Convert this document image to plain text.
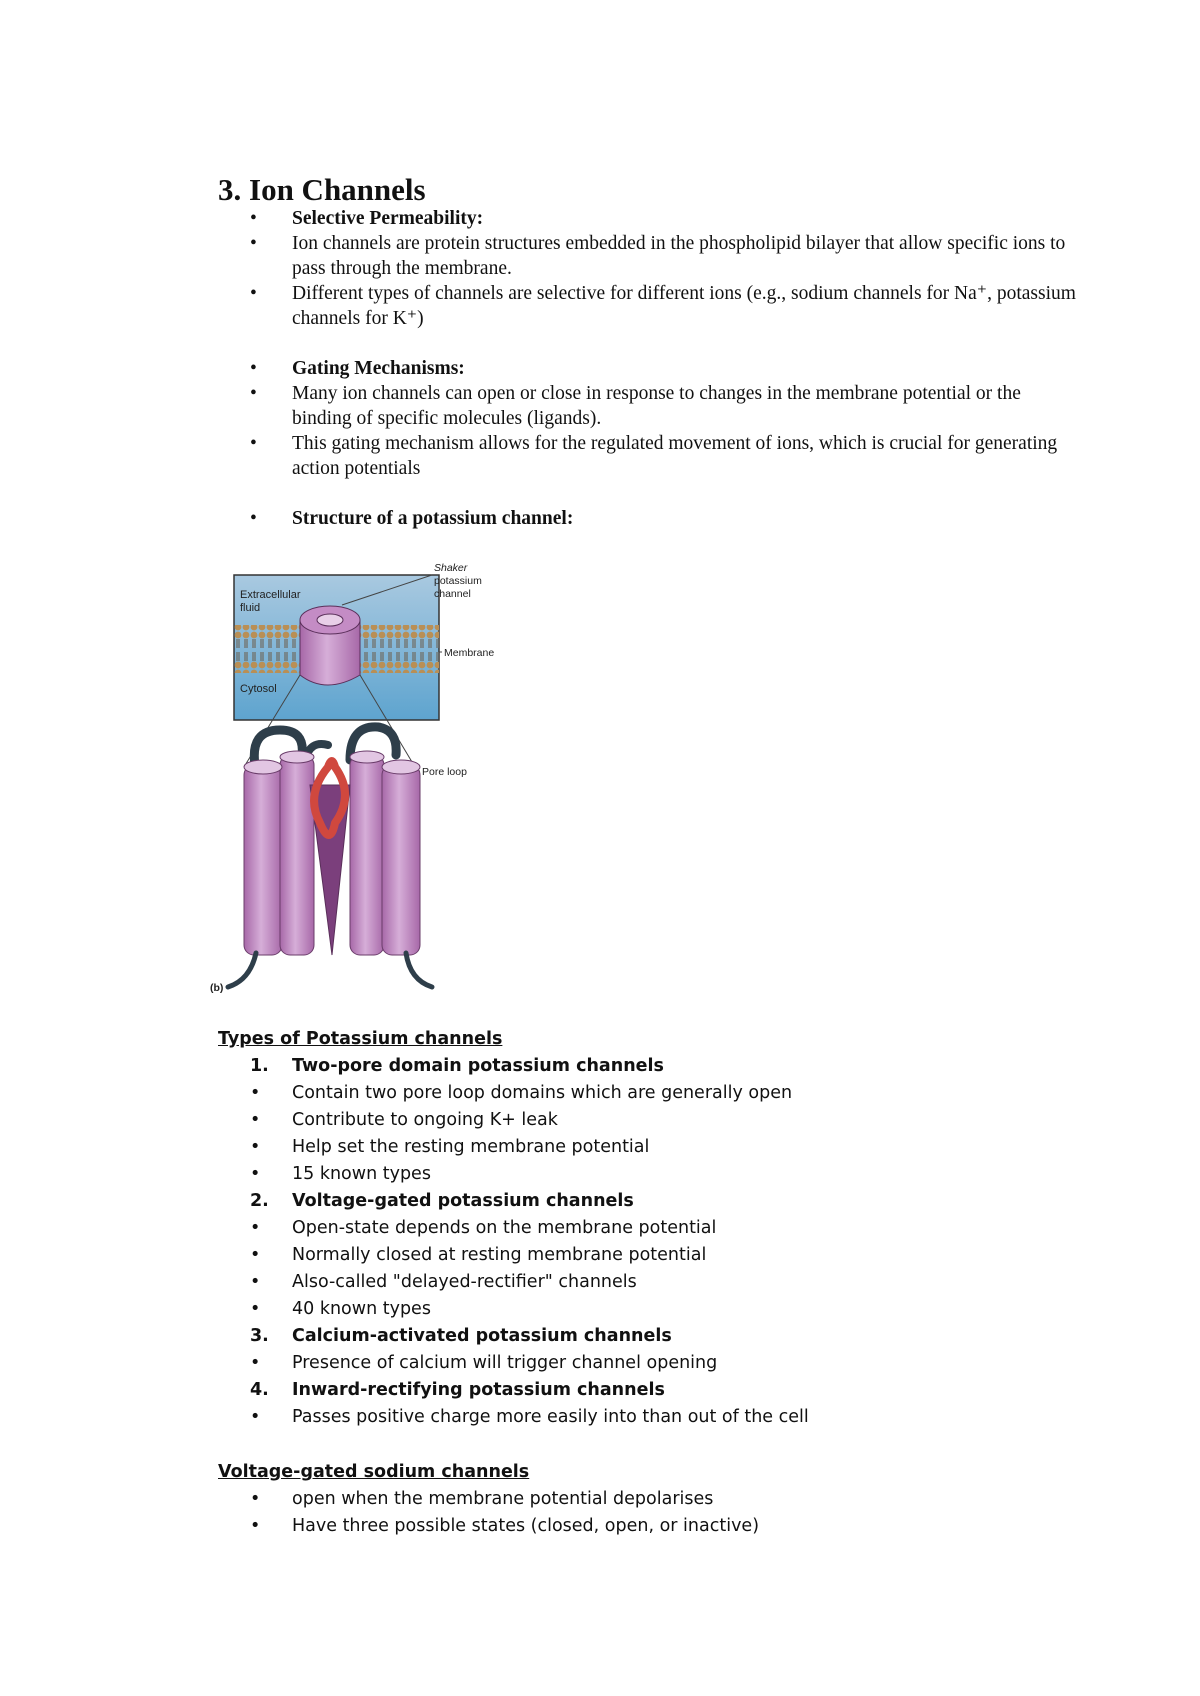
3. Ion Channels
• Selective Permeability:
• Ion channels are protein structures embedded in the phospholipid bilayer that allow specific ions to pass through the membrane.
• Different types of channels are selective for different ions (e.g., sodium channels for Na⁺, potassium channels for K⁺)
• Gating Mechanisms:
• Many ion channels can open or close in response to changes in the membrane potential or the binding of specific molecules (ligands).
• This gating mechanism allows for the regulated movement of ions, which is crucial for generating action potentials
• Structure of a potassium channel:
Extracellular
fluid
Cytosol
Shaker
potassium
channel
Membrane
Pore loop
(b)
Types of Potassium channels
1. Two-pore domain potassium channels
• Contain two pore loop domains which are generally open
• Contribute to ongoing K+ leak
• Help set the resting membrane potential
• 15 known types
2. Voltage-gated potassium channels
• Open-state depends on the membrane potential
• Normally closed at resting membrane potential
• Also-called "delayed-rectifier" channels
• 40 known types
3. Calcium-activated potassium channels
• Presence of calcium will trigger channel opening
4. Inward-rectifying potassium channels
• Passes positive charge more easily into than out of the cell
Voltage-gated sodium channels
• open when the membrane potential depolarises
• Have three possible states (closed, open, or inactive)
